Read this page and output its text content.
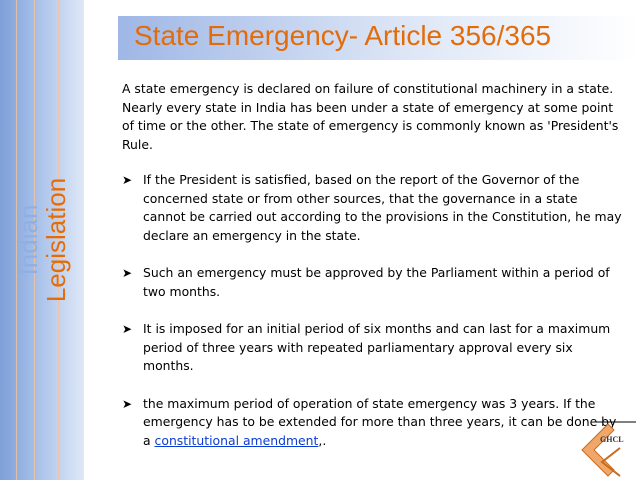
Indian
Legislation
State Emergency- Article 356/365

A state emergency is declared on failure of constitutional machinery in a state. Nearly every state in India has been under a state of emergency at some point of time or the other. The state of emergency is commonly known as 'President's Rule.

➤ If the President is satisfied, based on the report of the Governor of the concerned state or from other sources, that the governance in a state cannot be carried out according to the provisions in the Constitution, he may declare an emergency in the state.
➤ Such an emergency must be approved by the Parliament within a period of two months.
➤ It is imposed for an initial period of six months and can last for a maximum period of three years with repeated parliamentary approval every six months.
➤ the maximum period of operation of state emergency was 3 years. If the emergency has to be extended for more than three years, it can be done by a constitutional amendment,.	GHCL
